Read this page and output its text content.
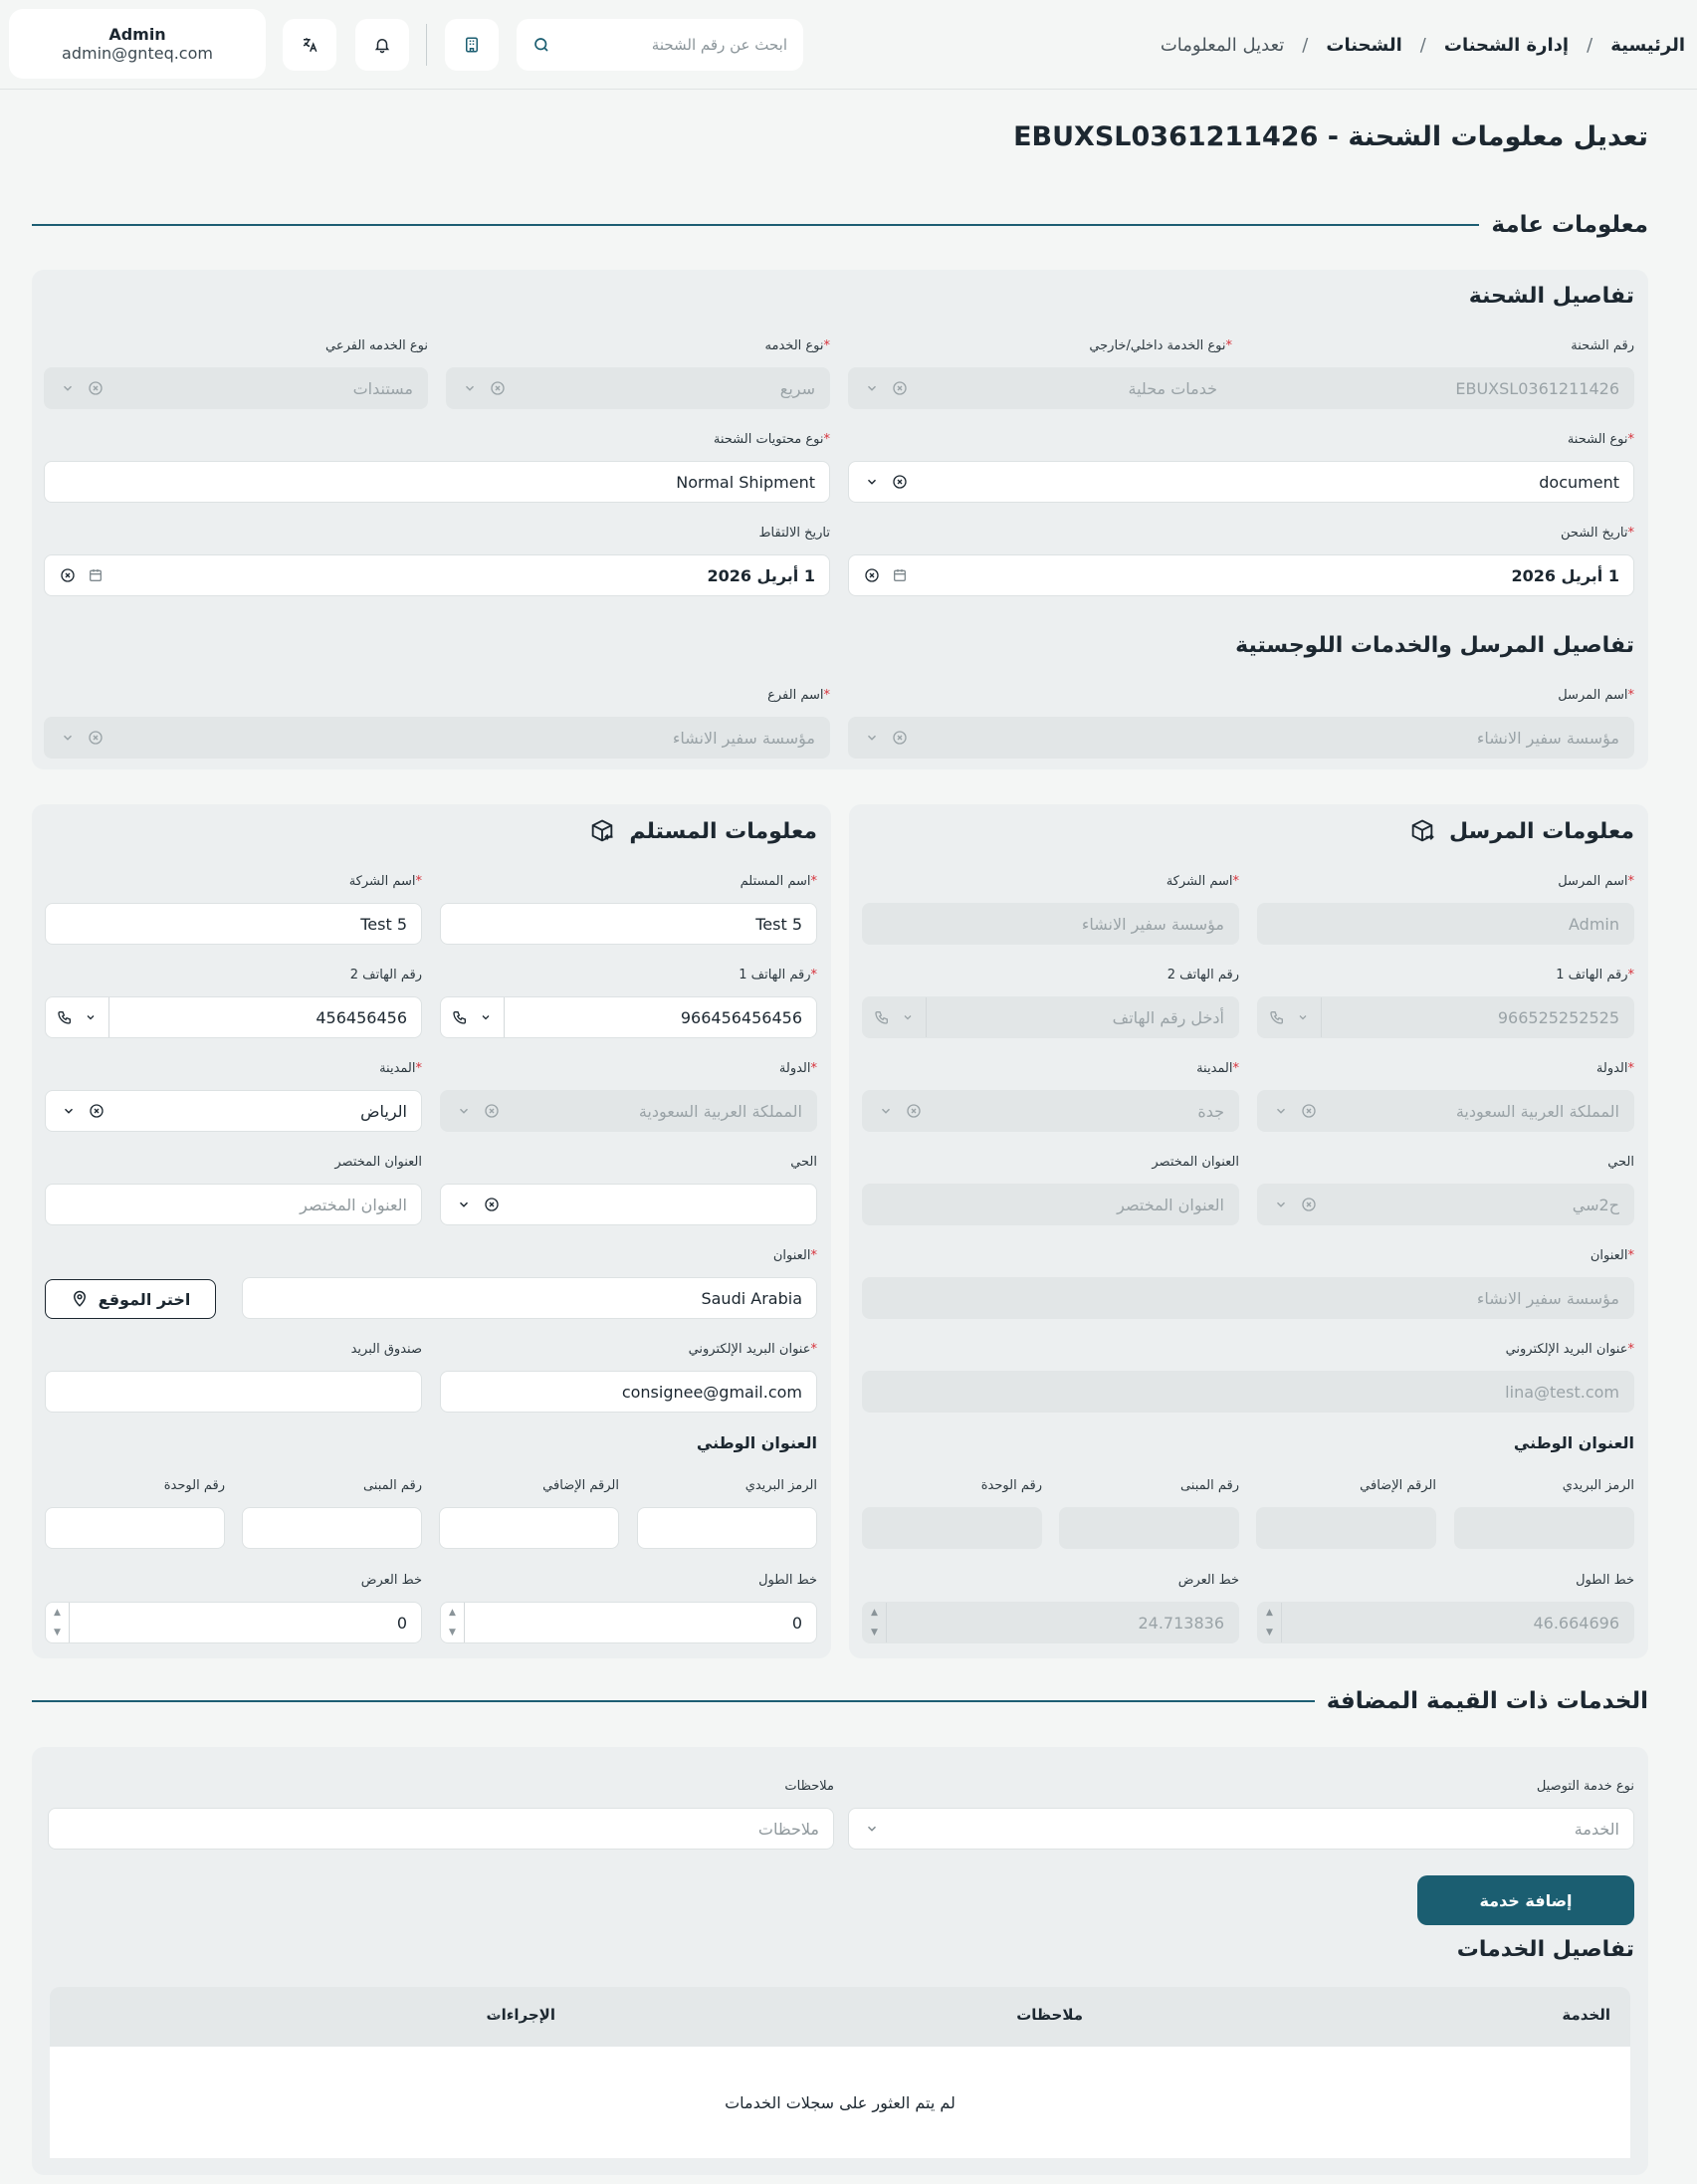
الرئيسية
/
إدارة الشحنات
/
الشحنات
/
تعديل المعلومات
ابحث عن رقم الشحنة
Admin
admin@gnteq.com
تعديل معلومات الشحنة - EBUXSL0361211426
معلومات عامة
تفاصيل الشحنة
رقم الشحنة
EBUXSL0361211426
*نوع الخدمة داخلي/خارجي
خدمات محلية
*نوع الخدمه
سريع
نوع الخدمه الفرعي
مستندات
*نوع الشحنة
document
*نوع محتويات الشحنة
Normal Shipment
*تاريخ الشحن
1 أبريل 2026
تاريخ الالتقاط
1 أبريل 2026
تفاصيل المرسل والخدمات اللوجستية
*اسم المرسل
مؤسسة سفير الانشاء
*اسم الفرع
مؤسسة سفير الانشاء
معلومات المرسل
*اسم المرسل
Admin
*اسم الشركة
مؤسسة سفير الانشاء
*رقم الهاتف 1
966525252525
رقم الهاتف 2
أدخل رقم الهاتف
*الدولة
المملكة العربية السعودية
*المدينة
جدة
الحي
ح2سي
العنوان المختصر
العنوان المختصر
*العنوان
مؤسسة سفير الانشاء
*عنوان البريد الإلكتروني
lina@test.com
العنوان الوطني
الرمز البريدي
الرقم الإضافي
رقم المبنى
رقم الوحدة
خط الطول
46.664696
▲
▼
خط العرض
24.713836
▲
▼
معلومات المستلم
*اسم المستلم
Test 5
*اسم الشركة
Test 5
*رقم الهاتف 1
966456456456
رقم الهاتف 2
456456456
*الدولة
المملكة العربية السعودية
*المدينة
الرياض
الحي
العنوان المختصر
العنوان المختصر
*العنوان
Saudi Arabia
اختر الموقع
*عنوان البريد الإلكتروني
consignee@gmail.com
صندوق البريد
العنوان الوطني
الرمز البريدي
الرقم الإضافي
رقم المبنى
رقم الوحدة
خط الطول
0
▲
▼
خط العرض
0
▲
▼
الخدمات ذات القيمة المضافة
نوع خدمة التوصيل
الخدمة
ملاحظات
ملاحظات
إضافة خدمة
تفاصيل الخدمات
الخدمة
ملاحظات
الإجراءات
لم يتم العثور على سجلات الخدمات
